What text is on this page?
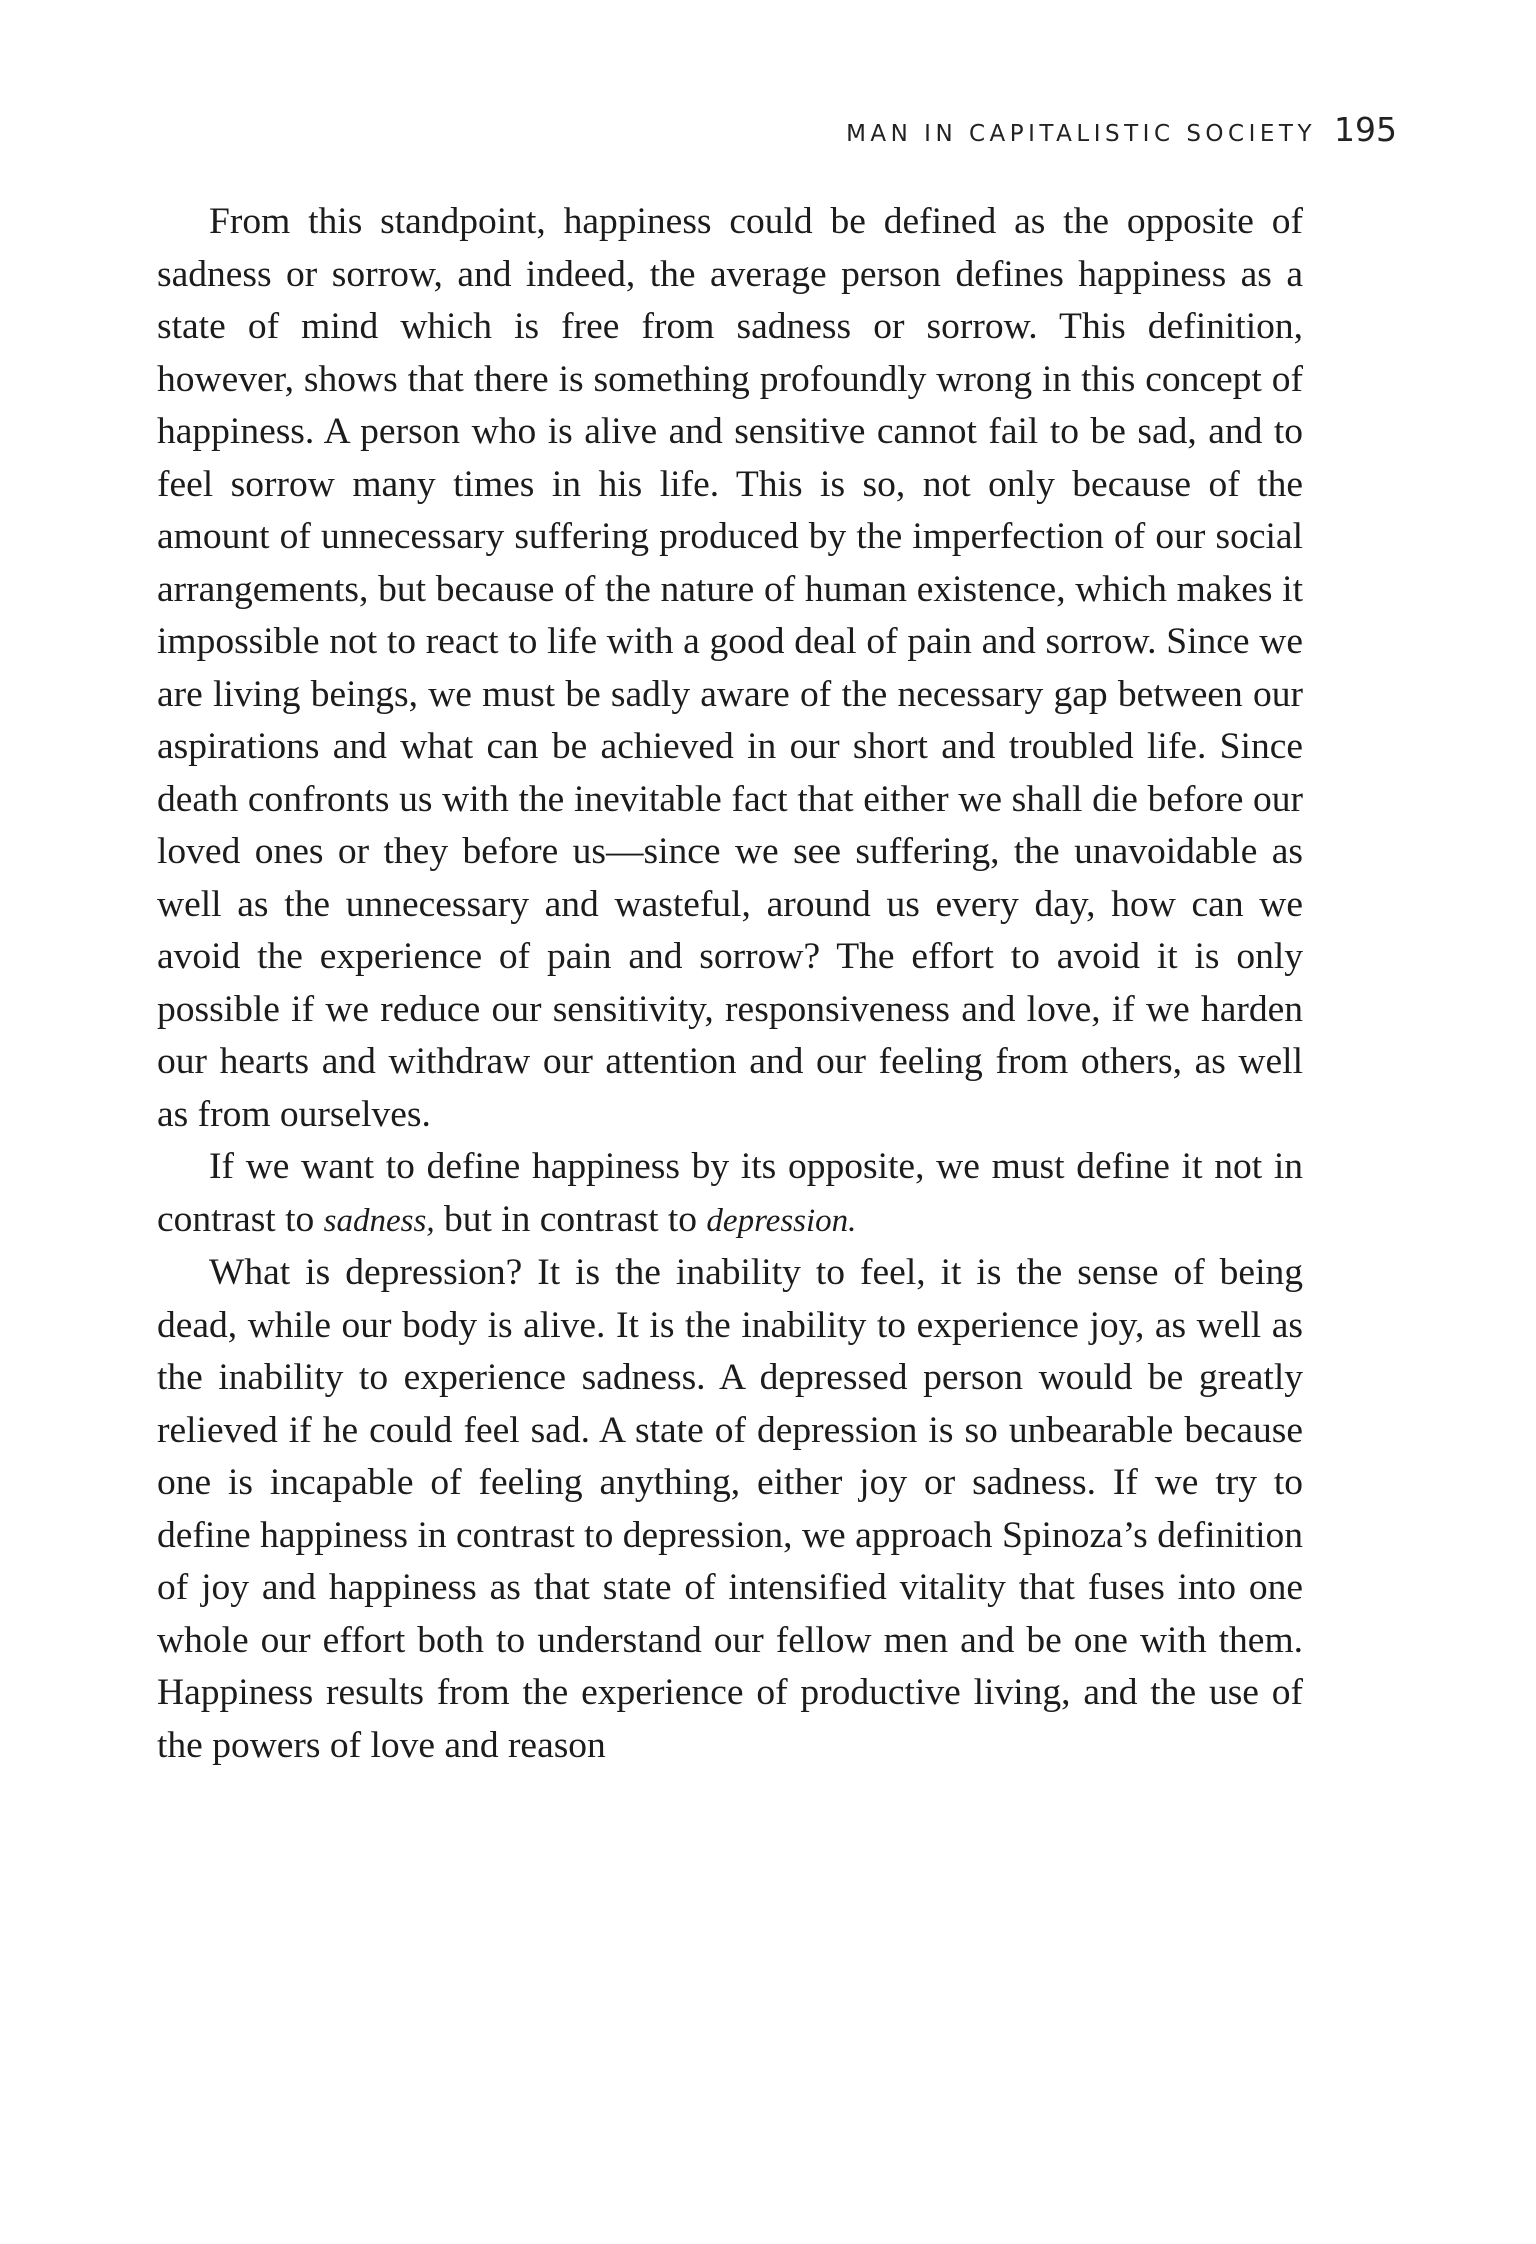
MAN IN CAPITALISTIC SOCIETY 195

From this standpoint, happiness could be defined as the opposite of sadness or sorrow, and indeed, the average person defines happiness as a state of mind which is free from sadness or sorrow. This definition, however, shows that there is something profoundly wrong in this concept of happiness. A person who is alive and sensitive cannot fail to be sad, and to feel sorrow many times in his life. This is so, not only because of the amount of unnecessary suffering produced by the imperfection of our social arrangements, but because of the nature of human existence, which makes it impossible not to react to life with a good deal of pain and sorrow. Since we are living beings, we must be sadly aware of the necessary gap between our aspirations and what can be achieved in our short and troubled life. Since death confronts us with the inevitable fact that either we shall die before our loved ones or they before us—since we see suffering, the unavoidable as well as the unnecessary and wasteful, around us every day, how can we avoid the experience of pain and sorrow? The effort to avoid it is only possible if we reduce our sensitivity, responsiveness and love, if we harden our hearts and withdraw our attention and our feeling from others, as well as from ourselves.

If we want to define happiness by its opposite, we must define it not in contrast to sadness, but in contrast to depression.

What is depression? It is the inability to feel, it is the sense of being dead, while our body is alive. It is the inability to experience joy, as well as the inability to experience sadness. A depressed person would be greatly relieved if he could feel sad. A state of depression is so unbearable because one is incapable of feeling anything, either joy or sadness. If we try to define happiness in contrast to depression, we approach Spinoza’s definition of joy and happiness as that state of intensified vitality that fuses into one whole our effort both to understand our fellow men and be one with them. Happiness results from the experience of productive living, and the use of the powers of love and reason
